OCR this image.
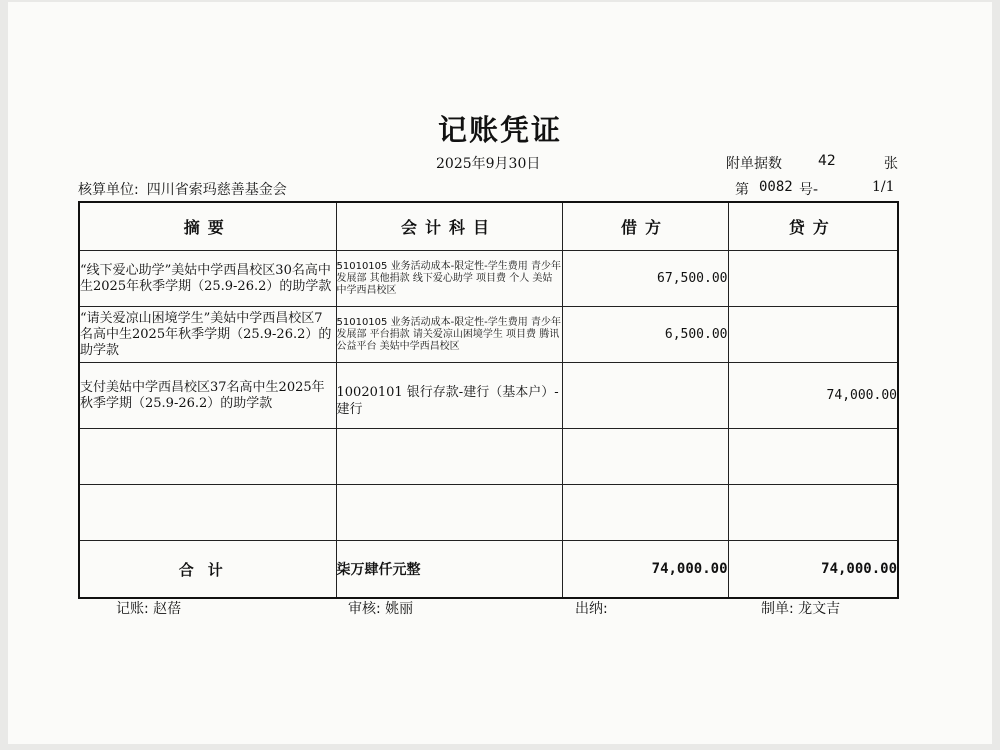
记账凭证
2025年9月30日	附单据数	42	张
核算单位: 四川省索玛慈善基金会	第 0082 号-	1/1
摘要	会计科目	借方	贷方
“线下爱心助学”美姑中学西昌校区30名高中生2025年秋季学期（25.9-26.2）的助学款	51010105 业务活动成本-限定性-学生费用 青少年发展部 其他捐款 线下爱心助学 项目费 个人 美姑中学西昌校区	67,500.00	
“请关爱凉山困境学生”美姑中学西昌校区7名高中生2025年秋季学期（25.9-26.2）的助学款	51010105 业务活动成本-限定性-学生费用 青少年发展部 平台捐款 请关爱凉山困境学生 项目费 腾讯公益平台 美姑中学西昌校区	6,500.00	
支付美姑中学西昌校区37名高中生2025年秋季学期（25.9-26.2）的助学款	10020101 银行存款-建行（基本户）-建行		74,000.00

合计	柒万肆仟元整	74,000.00	74,000.00
记账: 赵蓓	审核: 姚丽	出纳:	制单: 龙文吉
